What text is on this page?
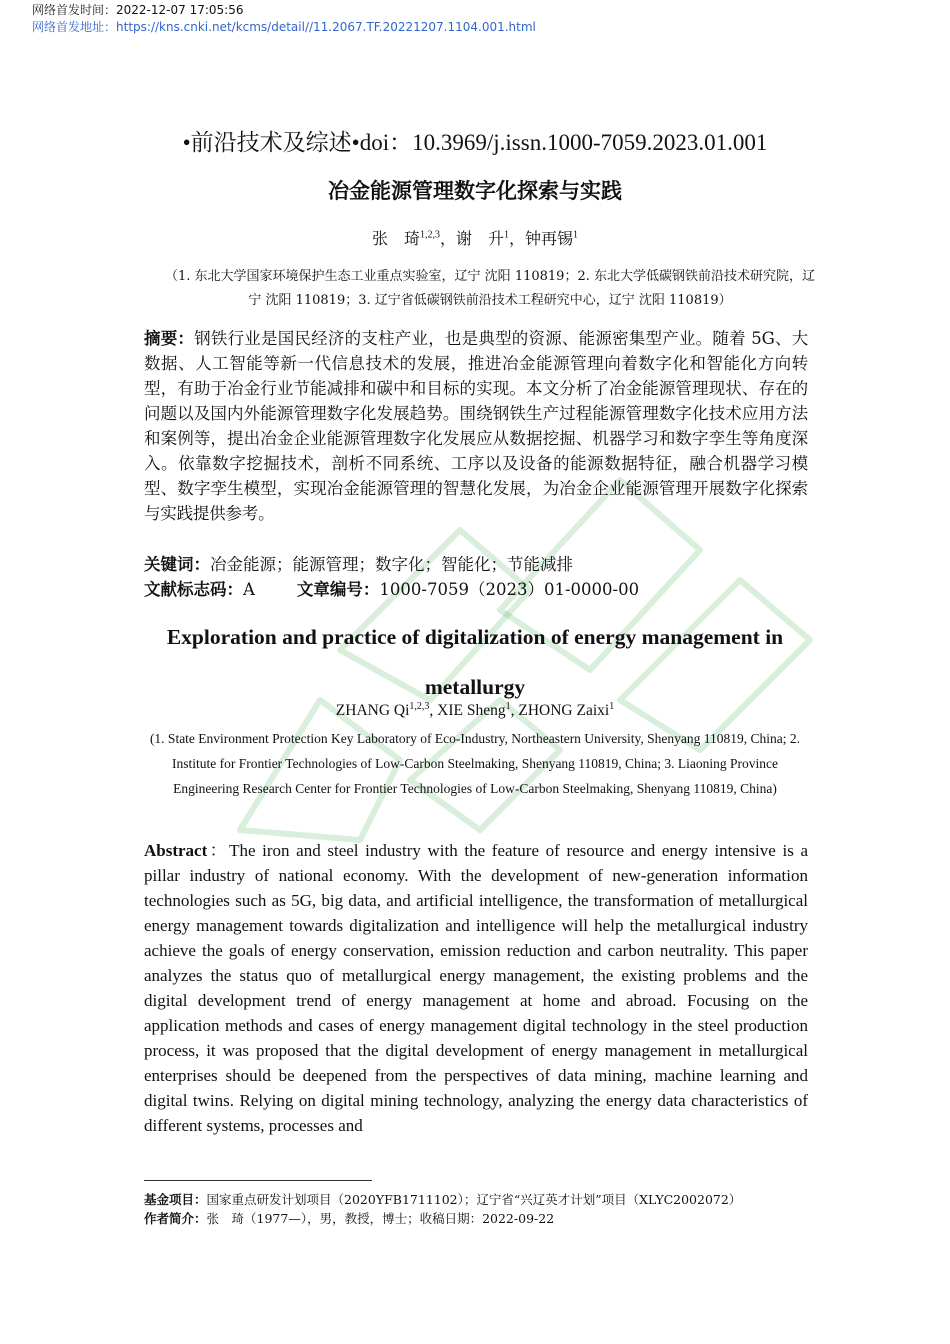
网络首发时间：2022-12-07 17:05:56
网络首发地址：https://kns.cnki.net/kcms/detail//11.2067.TF.20221207.1104.001.html
•前沿技术及综述•doi：10.3969/j.issn.1000-7059.2023.01.001
冶金能源管理数字化探索与实践
张　琦$^{1,2,3}$，谢　升$^1$，钟再锡$^1$
（1. 东北大学国家环境保护生态工业重点实验室，辽宁 沈阳 110819；2. 东北大学低碳钢铁前沿技术研究院，辽宁 沈阳 110819；3. 辽宁省低碳钢铁前沿技术工程研究中心，辽宁 沈阳 110819）
摘要：钢铁行业是国民经济的支柱产业，也是典型的资源、能源密集型产业。随着 5G、大数据、人工智能等新一代信息技术的发展，推进冶金能源管理向着数字化和智能化方向转型，有助于冶金行业节能减排和碳中和目标的实现。本文分析了冶金能源管理现状、存在的问题以及国内外能源管理数字化发展趋势。围绕钢铁生产过程能源管理数字化技术应用方法和案例等，提出冶金企业能源管理数字化发展应从数据挖掘、机器学习和数字孪生等角度深入。依靠数字挖掘技术，剖析不同系统、工序以及设备的能源数据特征，融合机器学习模型、数字孪生模型，实现冶金能源管理的智慧化发展，为冶金企业能源管理开展数字化探索与实践提供参考。
关键词：冶金能源；能源管理；数字化；智能化；节能减排
文献标志码：A	文章编号：1000-7059（2023）01-0000-00
Exploration and practice of digitalization of energy management in metallurgy
ZHANG Qi$^{1,2,3}$, XIE Sheng$^1$, ZHONG Zaixi$^1$
(1. State Environment Protection Key Laboratory of Eco-Industry, Northeastern University, Shenyang 110819, China; 2. Institute for Frontier Technologies of Low-Carbon Steelmaking, Shenyang 110819, China; 3. Liaoning Province Engineering Research Center for Frontier Technologies of Low-Carbon Steelmaking, Shenyang 110819, China)
Abstract：The iron and steel industry with the feature of resource and energy intensive is a pillar industry of national economy. With the development of new-generation information technologies such as 5G, big data, and artificial intelligence, the transformation of metallurgical energy management towards digitalization and intelligence will help the metallurgical industry achieve the goals of energy conservation, emission reduction and carbon neutrality. This paper analyzes the status quo of metallurgical energy management, the existing problems and the digital development trend of energy management at home and abroad. Focusing on the application methods and cases of energy management digital technology in the steel production process, it was proposed that the digital development of energy management in metallurgical enterprises should be deepened from the perspectives of data mining, machine learning and digital twins. Relying on digital mining technology, analyzing the energy data characteristics of different systems, processes and
基金项目：国家重点研发计划项目（2020YFB1711102）；辽宁省“兴辽英才计划”项目（XLYC2002072）
作者简介：张　琦（1977—），男，教授，博士；收稿日期：2022-09-22
